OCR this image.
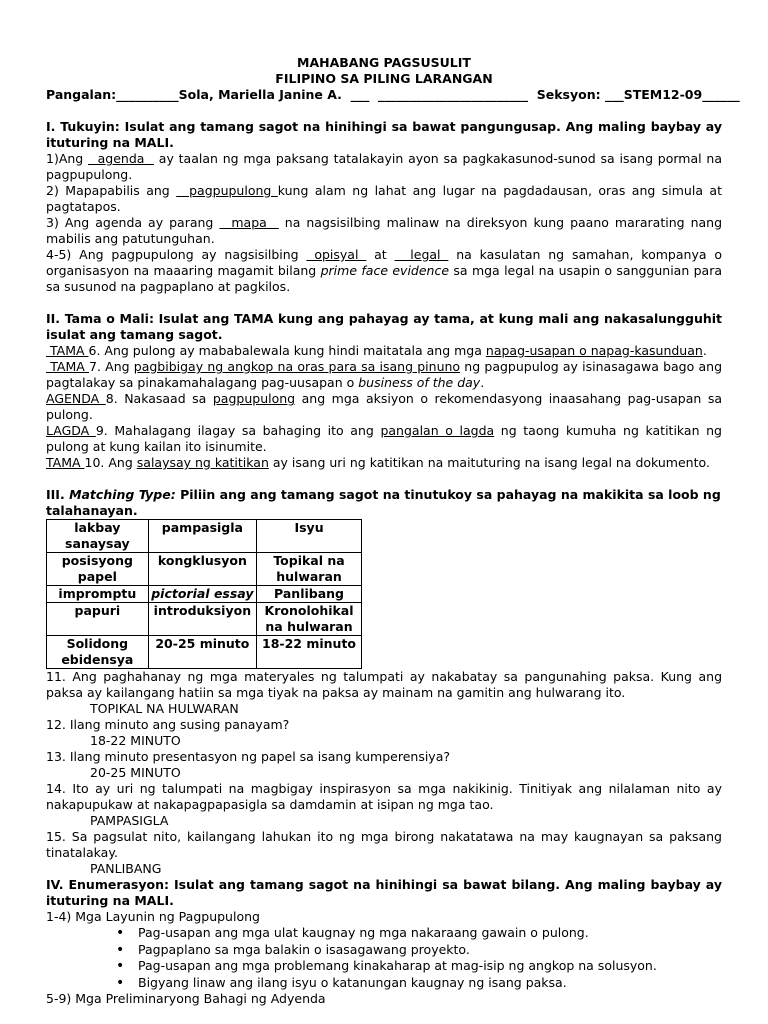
MAHABANG PAGSUSULIT

FILIPINO SA PILING LARANGAN

Pangalan:__________Sola, Mariella Janine A.  ___  ________________________  Seksyon: ___STEM12-09______

I. Tukuyin: Isulat ang tamang sagot na hinihingi sa bawat pangungusap. Ang maling baybay ay ituturing na MALI.

1)Ang   agenda   ay taalan ng mga paksang tatalakayin ayon sa pagkakasunod-sunod sa isang pormal na pagpupulong.

2) Mapapabilis ang   pagpupulong kung alam ng lahat ang lugar na pagdadausan, oras ang simula at pagtatapos.

3) Ang agenda ay parang   mapa   na nagsisilbing malinaw na direksyon kung paano mararating nang mabilis ang patutunguhan.

4-5) Ang pagpupulong ay nagsisilbing  opisyal  at   legal  na kasulatan ng samahan, kompanya o organisasyon na maaaring magamit bilang prime face evidence sa mga legal na usapin o sanggunian para sa susunod na pagpaplano at pagkilos.

II. Tama o Mali: Isulat ang TAMA kung ang pahayag ay tama, at kung mali ang nakasalungguhit isulat ang tamang sagot.

TAMA 6. Ang pulong ay mababalewala kung hindi maitatala ang mga napag-usapan o napag-kasunduan.

TAMA 7. Ang pagbibigay ng angkop na oras para sa isang pinuno ng pagpupulog ay isinasagawa bago ang pagtalakay sa pinakamahalagang pag-uusapan o business of the day.

AGENDA 8. Nakasaad sa pagpupulong ang mga aksiyon o rekomendasyong inaasahang pag-usapan sa pulong.

LAGDA 9. Mahalagang ilagay sa bahaging ito ang pangalan o lagda ng taong kumuha ng katitikan ng pulong at kung kailan ito isinumite.

TAMA 10. Ang salaysay ng katitikan ay isang uri ng katitikan na maituturing na isang legal na dokumento.

III. Matching Type: Piliin ang ang tamang sagot na tinutukoy sa pahayag na makikita sa loob ng talahanayan.

lakbay sanaysay	pampasigla	Isyu
posisyong papel	kongklusyon	Topikal na hulwaran
impromptu	pictorial essay	Panlibang
papuri	introduksiyon	Kronolohikal na hulwaran
Solidong ebidensya	20-25 minuto	18-22 minuto

11. Ang paghahanay ng mga materyales ng talumpati ay nakabatay sa pangunahing paksa. Kung ang paksa ay kailangang hatiin sa mga tiyak na paksa ay mainam na gamitin ang hulwarang ito.

TOPIKAL NA HULWARAN

12. Ilang minuto ang susing panayam?

18-22 MINUTO

13. Ilang minuto presentasyon ng papel sa isang kumperensiya?

20-25 MINUTO

14. Ito ay uri ng talumpati na magbigay inspirasyon sa mga nakikinig. Tinitiyak ang nilalaman nito ay nakapupukaw at nakapagpapasigla sa damdamin at isipan ng mga tao.

PAMPASIGLA

15. Sa pagsulat nito, kailangang lahukan ito ng mga birong nakatatawa na may kaugnayan sa paksang tinatalakay.

PANLIBANG

IV. Enumerasyon: Isulat ang tamang sagot na hinihingi sa bawat bilang. Ang maling baybay ay ituturing na MALI.

1-4) Mga Layunin ng Pagpupulong

• Pag-usapan ang mga ulat kaugnay ng mga nakaraang gawain o pulong.
• Pagpaplano sa mga balakin o isasagawang proyekto.
• Pag-usapan ang mga problemang kinakaharap at mag-isip ng angkop na solusyon.
• Bigyang linaw ang ilang isyu o katanungan kaugnay ng isang paksa.

5-9) Mga Preliminaryong Bahagi ng Adyenda
